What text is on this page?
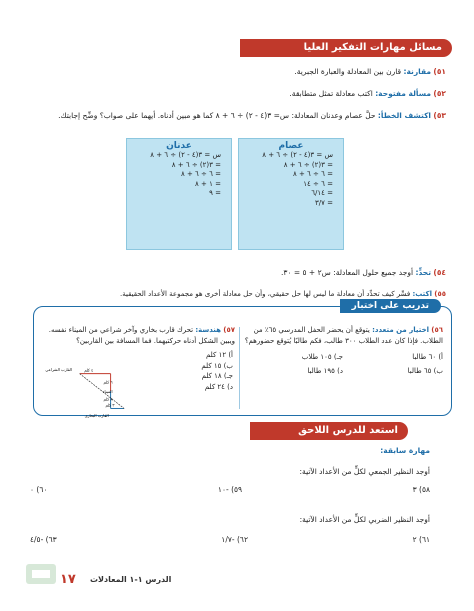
مسائل مهارات التفكير العليا
٥١) مقارنة: قارن بين المعادلة والعبارة الجبرية.
٥٢) مسألة مفتوحة: اكتب معادلة تمثل متطابقة.
٥٣) اكتشف الخطأ: حلَّ عصام وعدنان المعادلة: س= ٣(٤ - ٢) ÷ ٦ + ٨ كما هو مبين أدناه. أيهما على صواب؟ وضِّح إجابتك.
عصام
س = ٣(٤ - ٢) ÷ ٦ + ٨
= ٣(٢) ÷ ٦ + ٨
= ٦ ÷ ٦ + ٨
= ٦ ÷ ١٤
= ٦/١٤
= ٣/٧
عدنان
س = ٣(٤ - ٢) ÷ ٦ + ٨
= ٣(٢) ÷ ٦ + ٨
= ٦ ÷ ٦ + ٨
= ١ + ٨
= ٩
٥٤) تحدٍّ: أوجد جميع حلول المعادلة: س٢ + ٥ = ٣٠.
٥٥) اكتب: فسِّر كيف تحدِّد أن معادلة ما ليس لها حل حقيقي، وأن حل معادلة أخرى هو مجموعة الأعداد الحقيقية.
تدريب على اختبار
٥٦) اختيار من متعدد: يتوقع أن يحضر الحفل المدرسي ٦٥٪ من الطلاب. فإذا كان عدد الطلاب ٣٠٠ طالب، فكم طالبًا يُتوقع حضورهم؟
أ) ٦٠ طالبا
جـ) ١٠٥ طلاب
ب) ٦٥ طالبا
د) ١٩٥ طالبا
٥٧) هندسة: تحرك قارب بخاري وآخر شراعي من الميناء نفسه. ويبين الشكل أدناه حركتيهما. فما المسافة بين القاربين؟
أ) ١٢ كلم
ب) ١٥ كلم
جـ) ١٨ كلم
د) ٢٤ كلم
القارب الشراعي	٤ كلم
٦ كلم
الميناء
٨ كلم
القارب البخاري
٣ كلم
استعد للدرس اللاحق
مهارة سابقة:
أوجد النظير الجمعي لكلٍّ من الأعداد الآتية:
٥٨) ٣
٥٩) -١٠
٦٠) ٠
أوجد النظير الضربي لكلٍّ من الأعداد الآتية:
٦١) ٢
٦٢) -١/٧
٦٣) -٤/٥
١٧ الدرس ١-١ المعادلات
